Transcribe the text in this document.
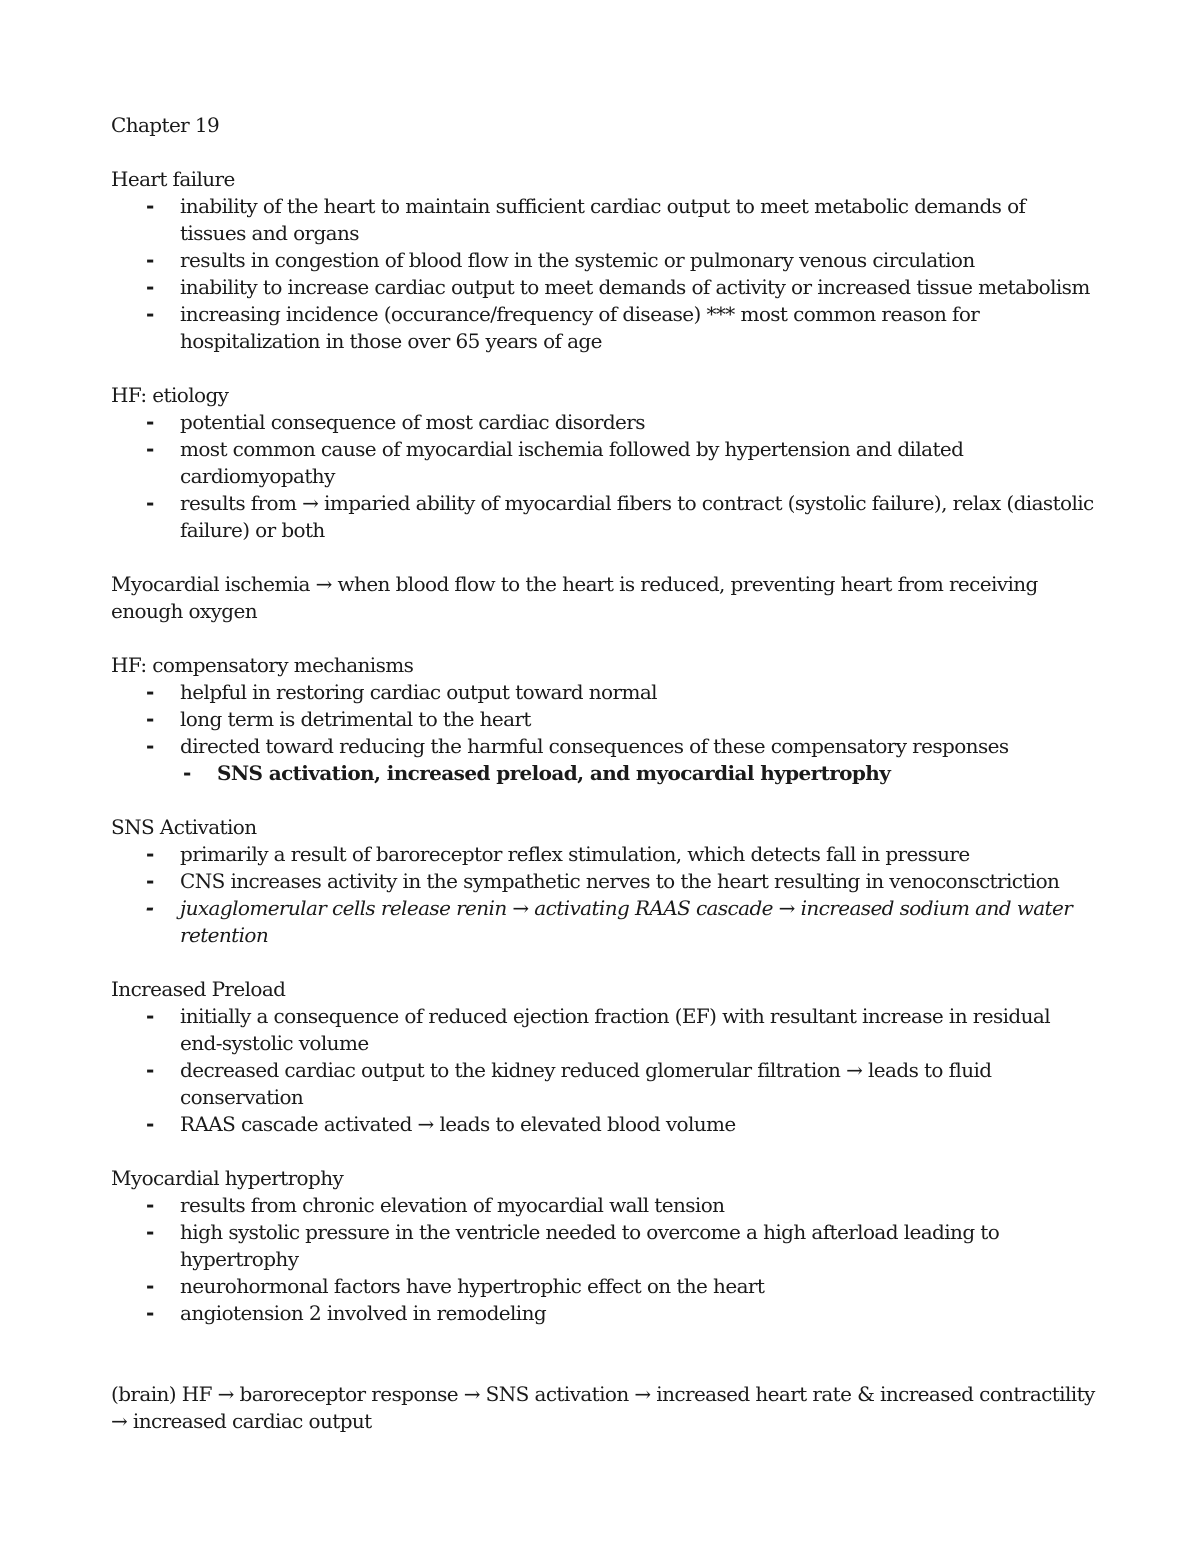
Chapter 19

Heart failure

- inability of the heart to maintain sufficient cardiac output to meet metabolic demands of tissues and organs
- results in congestion of blood flow in the systemic or pulmonary venous circulation
- inability to increase cardiac output to meet demands of activity or increased tissue metabolism
- increasing incidence (occurance/frequency of disease) *** most common reason for hospitalization in those over 65 years of age

HF: etiology

- potential consequence of most cardiac disorders
- most common cause of myocardial ischemia followed by hypertension and dilated cardiomyopathy
- results from → imparied ability of myocardial fibers to contract (systolic failure), relax (diastolic failure) or both

Myocardial ischemia → when blood flow to the heart is reduced, preventing heart from receiving enough oxygen

HF: compensatory mechanisms

- helpful in restoring cardiac output toward normal
- long term is detrimental to the heart
- directed toward reducing the harmful consequences of these compensatory responses
- SNS activation, increased preload, and myocardial hypertrophy

SNS Activation

- primarily a result of baroreceptor reflex stimulation, which detects fall in pressure
- CNS increases activity in the sympathetic nerves to the heart resulting in venoconsctriction
- juxaglomerular cells release renin → activating RAAS cascade → increased sodium and water retention

Increased Preload

- initially a consequence of reduced ejection fraction (EF) with resultant increase in residual end-systolic volume
- decreased cardiac output to the kidney reduced glomerular filtration → leads to fluid conservation
- RAAS cascade activated → leads to elevated blood volume

Myocardial hypertrophy

- results from chronic elevation of myocardial wall tension
- high systolic pressure in the ventricle needed to overcome a high afterload leading to hypertrophy
- neurohormonal factors have hypertrophic effect on the heart
- angiotension 2 involved in remodeling

(brain) HF → baroreceptor response → SNS activation → increased heart rate & increased contractility → increased cardiac output
